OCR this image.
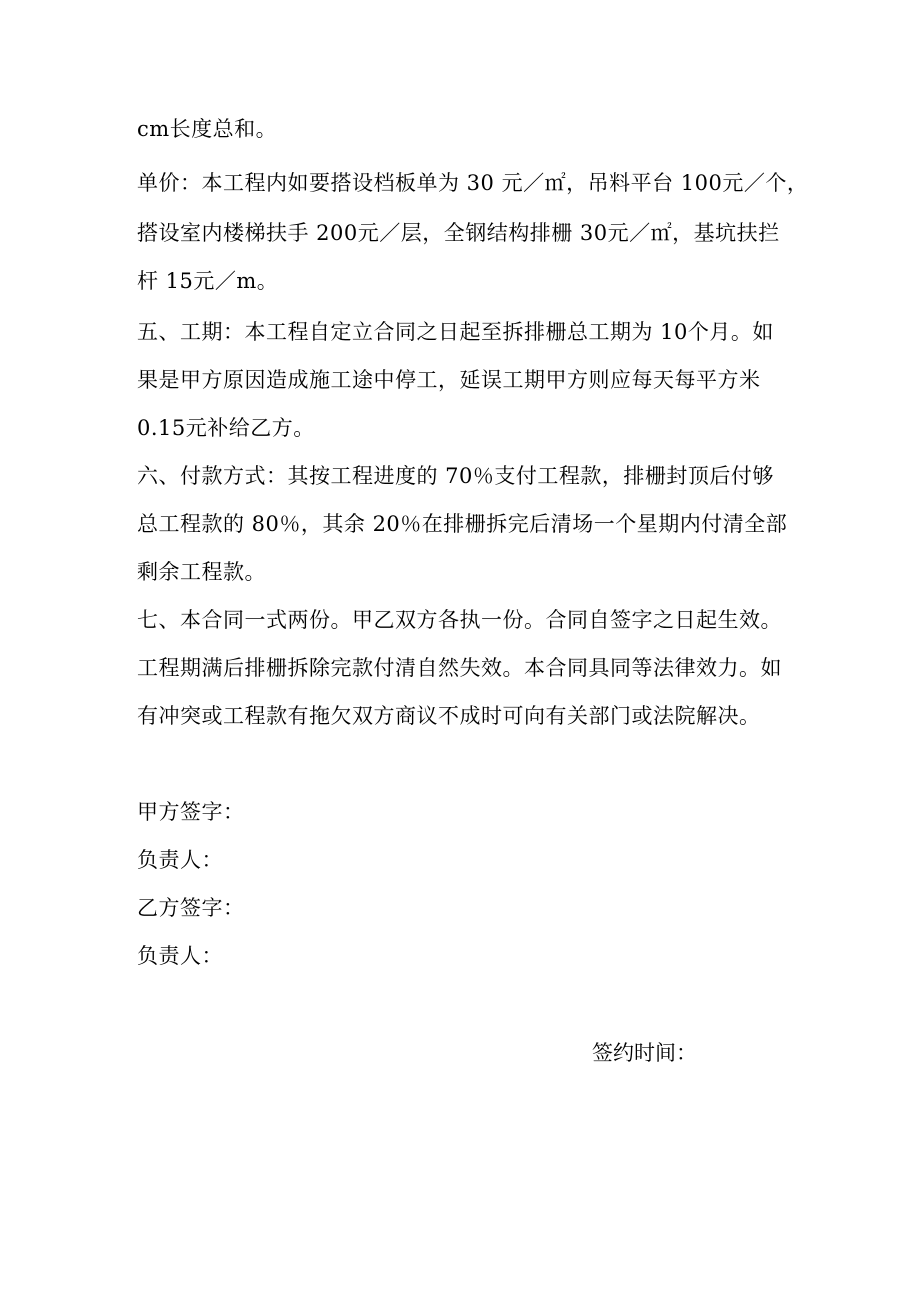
cm长度总和。
单价：本工程内如要搭设档板单为 30 元／㎡，吊料平台 100元／个，
搭设室内楼梯扶手 200元／层，全钢结构排栅 30元／㎡，基坑扶拦
杆 15元／m。
五、工期：本工程自定立合同之日起至拆排栅总工期为 10个月。如
果是甲方原因造成施工途中停工，延误工期甲方则应每天每平方米
0.15元补给乙方。
六、付款方式：其按工程进度的 70％支付工程款，排栅封顶后付够
总工程款的 80％，其余 20％在排栅拆完后清场一个星期内付清全部
剩余工程款。
七、本合同一式两份。甲乙双方各执一份。合同自签字之日起生效。
工程期满后排栅拆除完款付清自然失效。本合同具同等法律效力。如
有冲突或工程款有拖欠双方商议不成时可向有关部门或法院解决。
甲方签字：
负责人：
乙方签字：
负责人：
签约时间：
